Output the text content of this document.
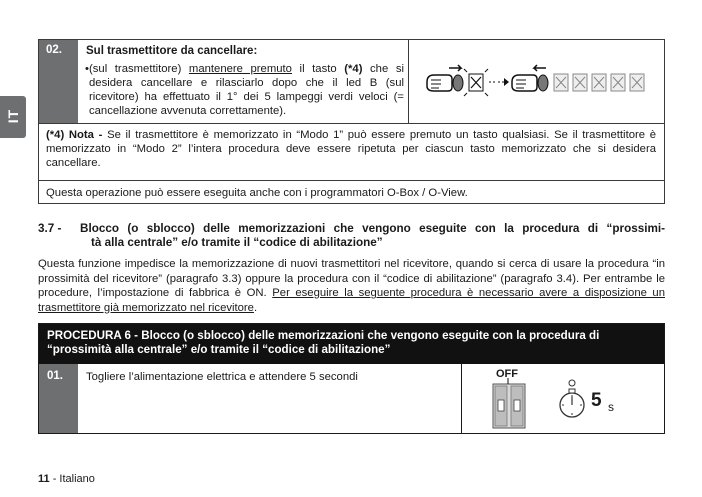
IT
02.	Sul trasmettitore da cancellare:
• (sul trasmettitore) mantenere premuto il tasto (*4) che si desidera cancellare e rilasciarlo dopo che il led B (sul ricevitore) ha effettuato il 1° dei 5 lampeggi verdi veloci (= cancellazione avvenuta correttamente).
(*4) Nota - Se il trasmettitore è memorizzato in “Modo 1” può essere premuto un tasto qualsiasi. Se il trasmettitore è memorizzato in “Modo 2” l’intera procedura deve essere ripetuta per ciascun tasto memorizzato che si desidera cancellare.
Questa operazione può essere eseguita anche con i programmatori O-Box / O-View.
3.7 - Blocco (o sblocco) delle memorizzazioni che vengono eseguite con la procedura di “prossimi-
tà alla centrale” e/o tramite il “codice di abilitazione”
Questa funzione impedisce la memorizzazione di nuovi trasmettitori nel ricevitore, quando si cerca di usare la procedura “in prossimità del ricevitore” (paragrafo 3.3) oppure la procedura con il “codice di abilitazione” (paragrafo 3.4). Per entrambe le procedure, l’impostazione di fabbrica è ON. Per eseguire la seguente procedura è necessario avere a disposizione un trasmettitore già memorizzato nel ricevitore.
PROCEDURA 6 - Blocco (o sblocco) delle memorizzazioni che vengono eseguite con la procedura di “prossimità alla centrale” e/o tramite il “codice di abilitazione”
01.	Togliere l’alimentazione elettrica e attendere 5 secondi	OFF
5 s
11 - Italiano
